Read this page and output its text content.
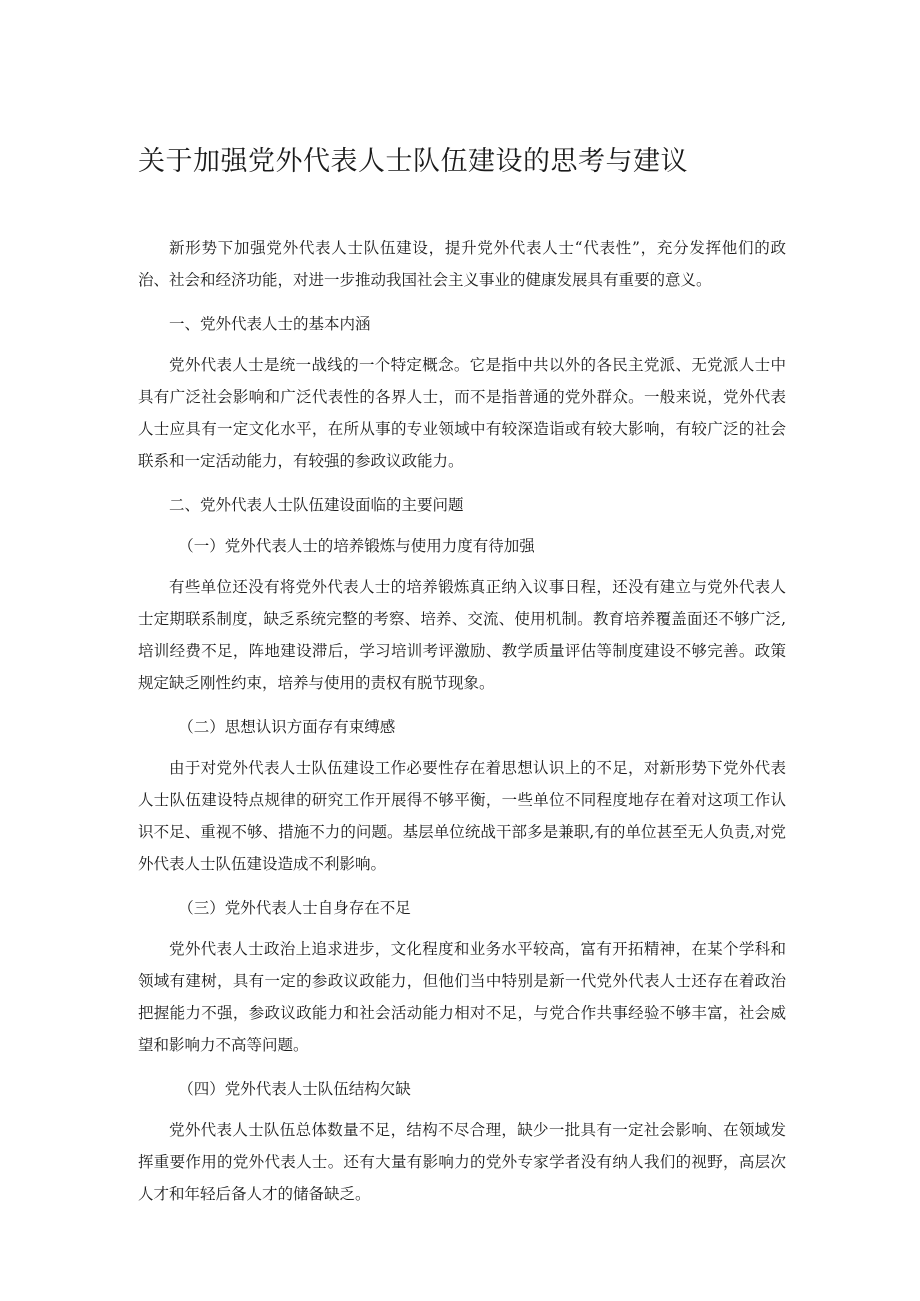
关于加强党外代表人士队伍建设的思考与建议

新形势下加强党外代表人士队伍建设，提升党外代表人士“代表性”，充分发挥他们的政治、社会和经济功能，对进一步推动我国社会主义事业的健康发展具有重要的意义。

一、党外代表人士的基本内涵

党外代表人士是统一战线的一个特定概念。它是指中共以外的各民主党派、无党派人士中具有广泛社会影响和广泛代表性的各界人士，而不是指普通的党外群众。一般来说，党外代表人士应具有一定文化水平，在所从事的专业领域中有较深造诣或有较大影响，有较广泛的社会联系和一定活动能力，有较强的参政议政能力。

二、党外代表人士队伍建设面临的主要问题

（一）党外代表人士的培养锻炼与使用力度有待加强

有些单位还没有将党外代表人士的培养锻炼真正纳入议事日程，还没有建立与党外代表人士定期联系制度，缺乏系统完整的考察、培养、交流、使用机制。教育培养覆盖面还不够广泛,培训经费不足，阵地建设滞后，学习培训考评激励、教学质量评估等制度建设不够完善。政策规定缺乏刚性约束，培养与使用的责权有脱节现象。

（二）思想认识方面存有束缚感

由于对党外代表人士队伍建设工作必要性存在着思想认识上的不足，对新形势下党外代表人士队伍建设特点规律的研究工作开展得不够平衡，一些单位不同程度地存在着对这项工作认识不足、重视不够、措施不力的问题。基层单位统战干部多是兼职,有的单位甚至无人负责,对党外代表人士队伍建设造成不利影响。

（三）党外代表人士自身存在不足

党外代表人士政治上追求进步，文化程度和业务水平较高，富有开拓精神，在某个学科和领域有建树，具有一定的参政议政能力，但他们当中特别是新一代党外代表人士还存在着政治把握能力不强，参政议政能力和社会活动能力相对不足，与党合作共事经验不够丰富，社会威望和影响力不高等问题。

（四）党外代表人士队伍结构欠缺

党外代表人士队伍总体数量不足，结构不尽合理，缺少一批具有一定社会影响、在领域发挥重要作用的党外代表人士。还有大量有影响力的党外专家学者没有纳人我们的视野，高层次人才和年轻后备人才的储备缺乏。
